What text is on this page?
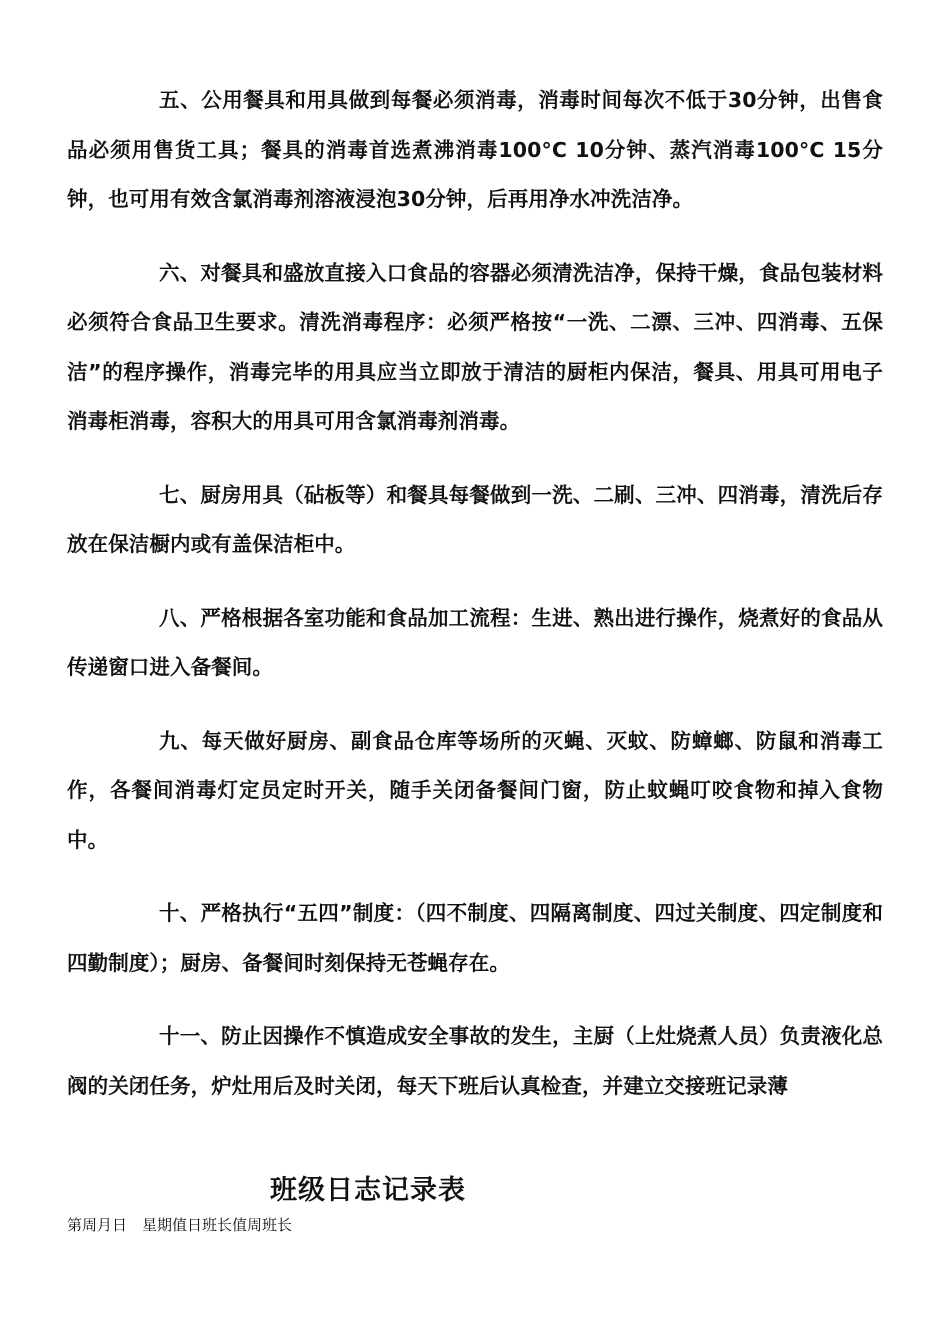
五、公用餐具和用具做到每餐必须消毒，消毒时间每次不低于30分钟，出售食品必须用售货工具；餐具的消毒首选煮沸消毒100°C 10分钟、蒸汽消毒100°C 15分钟，也可用有效含氯消毒剂溶液浸泡30分钟，后再用净水冲洗洁净。

六、对餐具和盛放直接入口食品的容器必须清洗洁净，保持干燥，食品包装材料必须符合食品卫生要求。清洗消毒程序：必须严格按“一洗、二漂、三冲、四消毒、五保洁”的程序操作，消毒完毕的用具应当立即放于清洁的厨柜内保洁，餐具、用具可用电子消毒柜消毒，容积大的用具可用含氯消毒剂消毒。

七、厨房用具（砧板等）和餐具每餐做到一洗、二刷、三冲、四消毒，清洗后存放在保洁橱内或有盖保洁柜中。

八、严格根据各室功能和食品加工流程：生进、熟出进行操作，烧煮好的食品从传递窗口进入备餐间。

九、每天做好厨房、副食品仓库等场所的灭蝇、灭蚊、防蟑螂、防鼠和消毒工作，各餐间消毒灯定员定时开关，随手关闭备餐间门窗，防止蚊蝇叮咬食物和掉入食物中。

十、严格执行“五四”制度：（四不制度、四隔离制度、四过关制度、四定制度和四勤制度）；厨房、备餐间时刻保持无苍蝇存在。

十一、防止因操作不慎造成安全事故的发生，主厨（上灶烧煮人员）负责液化总阀的关闭任务，炉灶用后及时关闭，每天下班后认真检查，并建立交接班记录薄

班级日志记录表
第周月日　星期值日班长值周班长
